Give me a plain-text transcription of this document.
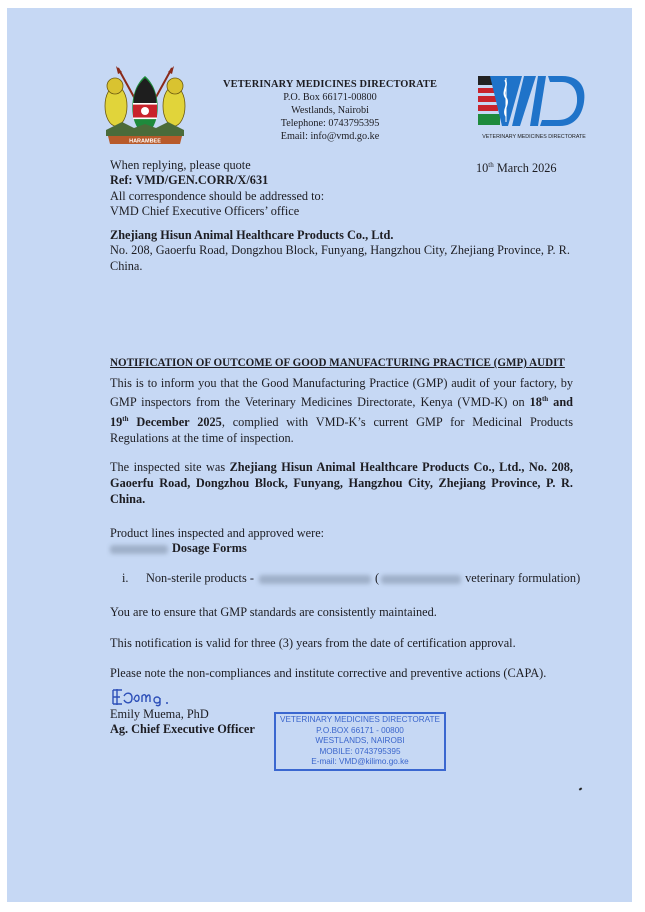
HARAMBEE
VETERINARY MEDICINES DIRECTORATE
P.O. Box 66171-00800
Westlands, Nairobi
Telephone: 0743795395
Email: info@vmd.go.ke	VETERINARY MEDICINES DIRECTORATE
When replying, please quote
Ref: VMD/GEN.CORR/X/631
All correspondence should be addressed to:
VMD Chief Executive Officers’ office
10th March 2026
Zhejiang Hisun Animal Healthcare Products Co., Ltd.
No. 208, Gaoerfu Road, Dongzhou Block, Funyang, Hangzhou City, Zhejiang Province, P. R. China.
NOTIFICATION OF OUTCOME OF GOOD MANUFACTURING PRACTICE (GMP) AUDIT
This is to inform you that the Good Manufacturing Practice (GMP) audit of your factory, by GMP inspectors from the Veterinary Medicines Directorate, Kenya (VMD-K) on 18th and 19th December 2025, complied with VMD-K’s current GMP for Medicinal Products Regulations at the time of inspection.
The inspected site was Zhejiang Hisun Animal Healthcare Products Co., Ltd., No. 208, Gaoerfu Road, Dongzhou Block, Funyang, Hangzhou City, Zhejiang Province, P. R. China.
Product lines inspected and approved were:
Dosage Forms
i. Non-sterile products -	(	veterinary formulation)
You are to ensure that GMP standards are consistently maintained.
This notification is valid for three (3) years from the date of certification approval.
Please note the non-compliances and institute corrective and preventive actions (CAPA).
Emily Muema, PhD
Ag. Chief Executive Officer
VETERINARY MEDICINES DIRECTORATE
P.O.BOX 66171 - 00800
WESTLANDS, NAIROBI
MOBILE: 0743795395
E-mail: VMD@kilimo.go.ke
